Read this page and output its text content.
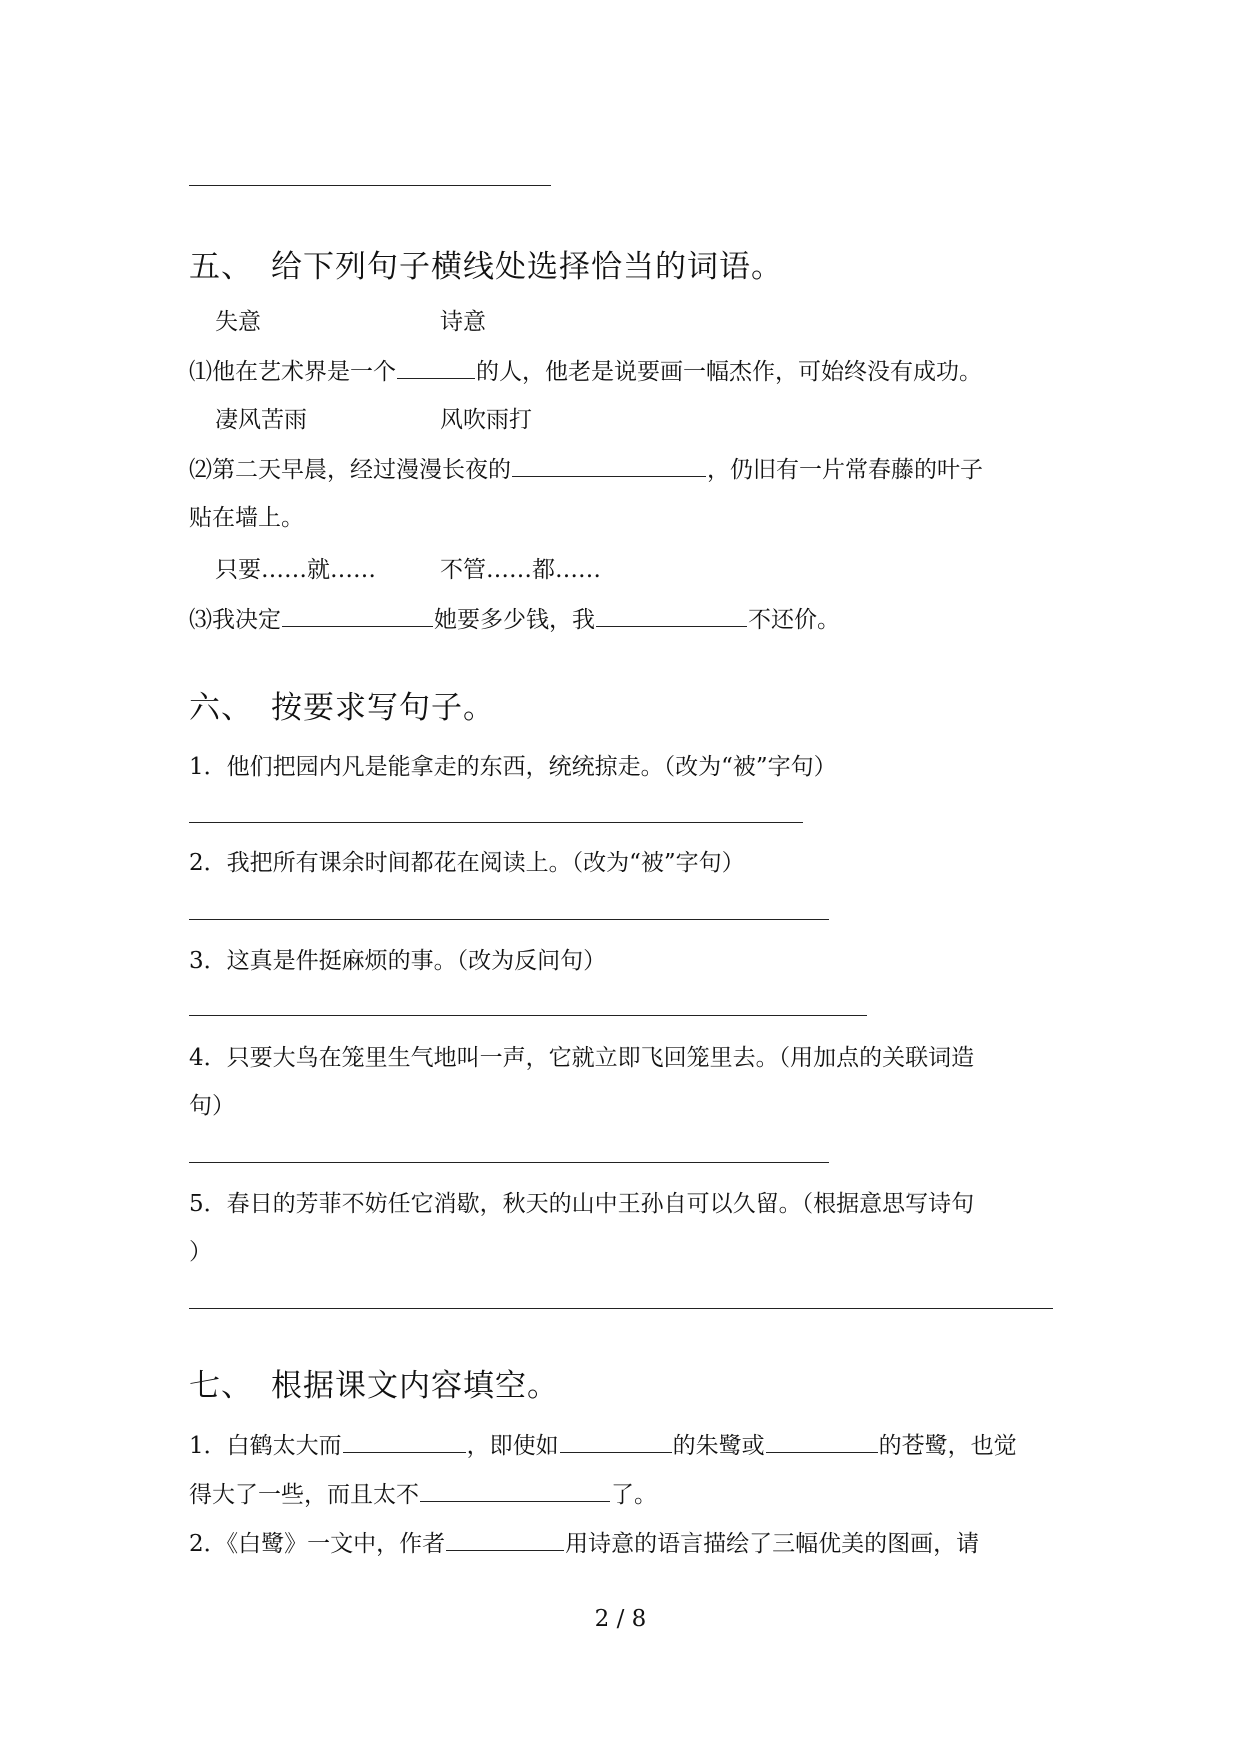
五、 给下列句子横线处选择恰当的词语。
失意	诗意
⑴他在艺术界是一个	的人，他老是说要画一幅杰作，可始终没有成功。
凄风苦雨	风吹雨打
⑵第二天早晨，经过漫漫长夜的	，仍旧有一片常春藤的叶子
贴在墙上。
只要……就……	不管……都……
⑶我决定	她要多少钱，我	不还价。
六、 按要求写句子。
1．他们把园内凡是能拿走的东西，统统掠走。（改为“被”字句）
2．我把所有课余时间都花在阅读上。（改为“被”字句）
3．这真是件挺麻烦的事。（改为反问句）
4．只要大鸟在笼里生气地叫一声，它就立即飞回笼里去。（用加点的关联词造
句）
5．春日的芳菲不妨任它消歇，秋天的山中王孙自可以久留。（根据意思写诗句
）
七、 根据课文内容填空。
1．白鹤太大而	，即使如	的朱鹭或	的苍鹭，也觉
得大了一些，而且太不	了。
2．《白鹭》一文中，作者	用诗意的语言描绘了三幅优美的图画，请
2 / 8
